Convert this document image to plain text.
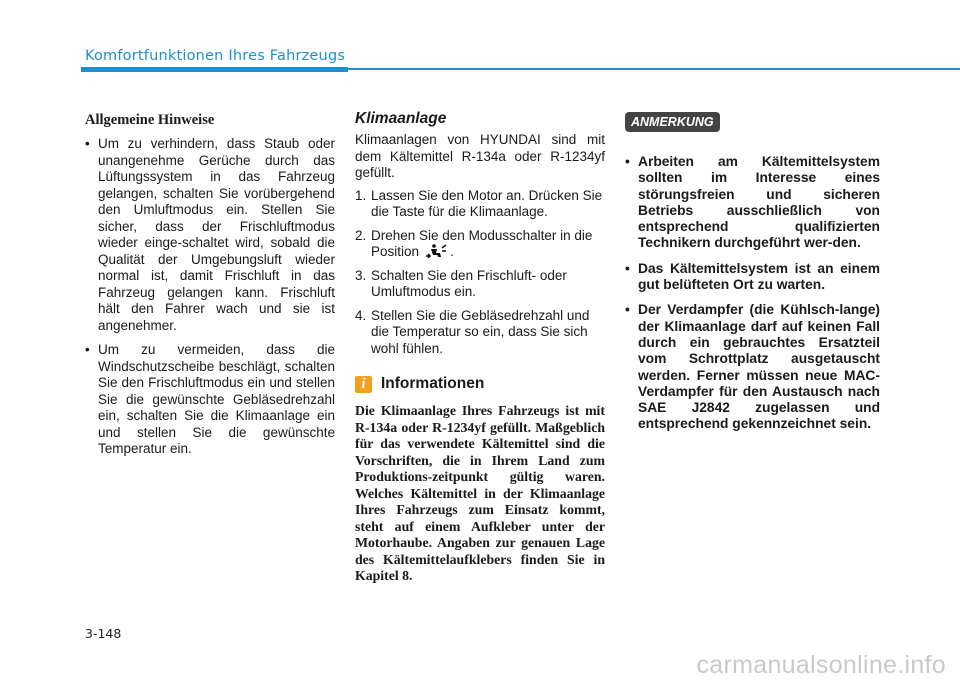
Komfortfunktionen Ihres Fahrzeugs
Allgemeine Hinweise
• Um zu verhindern, dass Staub oder unangenehme Gerüche durch das Lüftungssystem in das Fahrzeug gelangen, schalten Sie vorübergehend den Umluftmodus ein. Stellen Sie sicher, dass der Frischluftmodus wieder einge-schaltet wird, sobald die Qualität der Umgebungsluft wieder normal ist, damit Frischluft in das Fahrzeug gelangen kann. Frischluft hält den Fahrer wach und sie ist angenehmer.
• Um zu vermeiden, dass die Windschutzscheibe beschlägt, schalten Sie den Frischluftmodus ein und stellen Sie die gewünschte Gebläsedrehzahl ein, schalten Sie die Klimaanlage ein und stellen Sie die gewünschte Temperatur ein.
Klimaanlage
Klimaanlagen von HYUNDAI sind mit dem Kältemittel R-134a oder R-1234yf gefüllt.
1. Lassen Sie den Motor an. Drücken Sie die Taste für die Klimaanlage.
2. Drehen Sie den Modusschalter in die Position .
3. Schalten Sie den Frischluft- oder Umluftmodus ein.
4. Stellen Sie die Gebläsedrehzahl und die Temperatur so ein, dass Sie sich wohl fühlen.
i Informationen
Die Klimaanlage Ihres Fahrzeugs ist mit R-134a oder R-1234yf gefüllt. Maßgeblich für das verwendete Kältemittel sind die Vorschriften, die in Ihrem Land zum Produktions-zeitpunkt gültig waren. Welches Kältemittel in der Klimaanlage Ihres Fahrzeugs zum Einsatz kommt, steht auf einem Aufkleber unter der Motorhaube. Angaben zur genauen Lage des Kältemittelaufklebers finden Sie in Kapitel 8.
ANMERKUNG
• Arbeiten am Kältemittelsystem sollten im Interesse eines störungsfreien und sicheren Betriebs ausschließlich von entsprechend qualifizierten Technikern durchgeführt wer-den.
• Das Kältemittelsystem ist an einem gut belüfteten Ort zu warten.
• Der Verdampfer (die Kühlsch-lange) der Klimaanlage darf auf keinen Fall durch ein gebrauchtes Ersatzteil vom Schrottplatz ausgetauscht werden. Ferner müssen neue MAC-Verdampfer für den Austausch nach SAE J2842 zugelassen und entsprechend gekennzeichnet sein.
3-148
carmanualsonline.info
